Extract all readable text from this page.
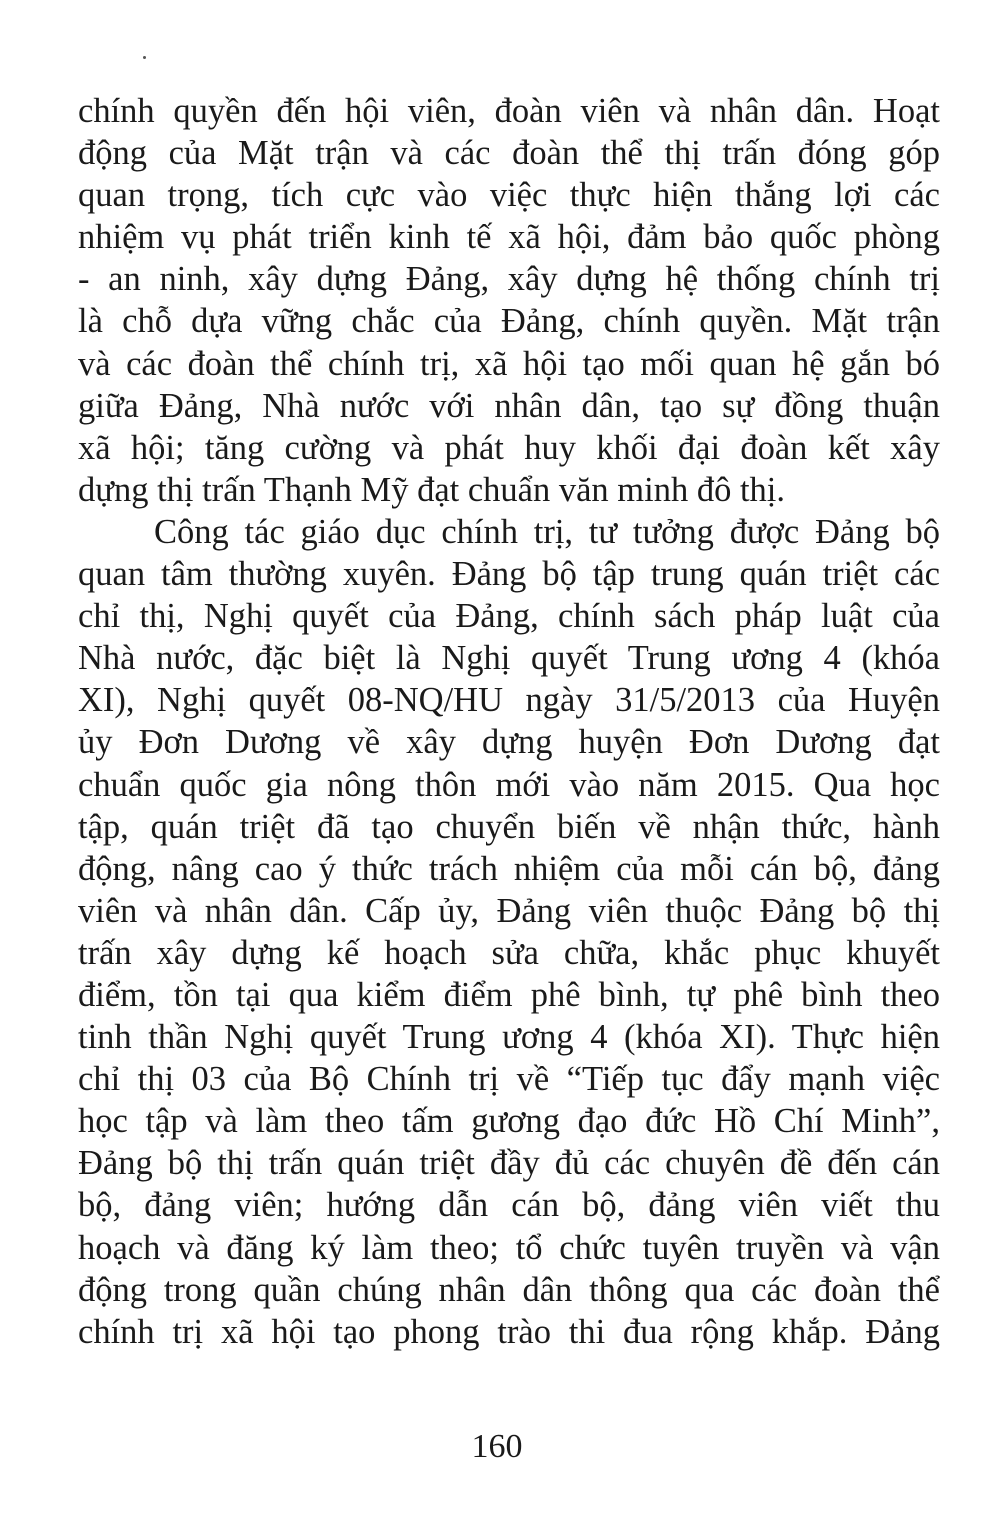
chính quyền đến hội viên, đoàn viên và nhân dân. Hoạt
động của Mặt trận và các đoàn thể thị trấn đóng góp
quan trọng, tích cực vào việc thực hiện thắng lợi các
nhiệm vụ phát triển kinh tế xã hội, đảm bảo quốc phòng
- an ninh, xây dựng Đảng, xây dựng hệ thống chính trị
là chỗ dựa vững chắc của Đảng, chính quyền. Mặt trận
và các đoàn thể chính trị, xã hội tạo mối quan hệ gắn bó
giữa Đảng, Nhà nước với nhân dân, tạo sự đồng thuận
xã hội; tăng cường và phát huy khối đại đoàn kết xây
dựng thị trấn Thạnh Mỹ đạt chuẩn văn minh đô thị.
Công tác giáo dục chính trị, tư tưởng được Đảng bộ
quan tâm thường xuyên. Đảng bộ tập trung quán triệt các
chỉ thị, Nghị quyết của Đảng, chính sách pháp luật của
Nhà nước, đặc biệt là Nghị quyết Trung ương 4 (khóa
XI), Nghị quyết 08-NQ/HU ngày 31/5/2013 của Huyện
ủy Đơn Dương về xây dựng huyện Đơn Dương đạt
chuẩn quốc gia nông thôn mới vào năm 2015. Qua học
tập, quán triệt đã tạo chuyển biến về nhận thức, hành
động, nâng cao ý thức trách nhiệm của mỗi cán bộ, đảng
viên và nhân dân. Cấp ủy, Đảng viên thuộc Đảng bộ thị
trấn xây dựng kế hoạch sửa chữa, khắc phục khuyết
điểm, tồn tại qua kiểm điểm phê bình, tự phê bình theo
tinh thần Nghị quyết Trung ương 4 (khóa XI). Thực hiện
chỉ thị 03 của Bộ Chính trị về “Tiếp tục đẩy mạnh việc
học tập và làm theo tấm gương đạo đức Hồ Chí Minh”,
Đảng bộ thị trấn quán triệt đầy đủ các chuyên đề đến cán
bộ, đảng viên; hướng dẫn cán bộ, đảng viên viết thu
hoạch và đăng ký làm theo; tổ chức tuyên truyền và vận
động trong quần chúng nhân dân thông qua các đoàn thể
chính trị xã hội tạo phong trào thi đua rộng khắp. Đảng
160
